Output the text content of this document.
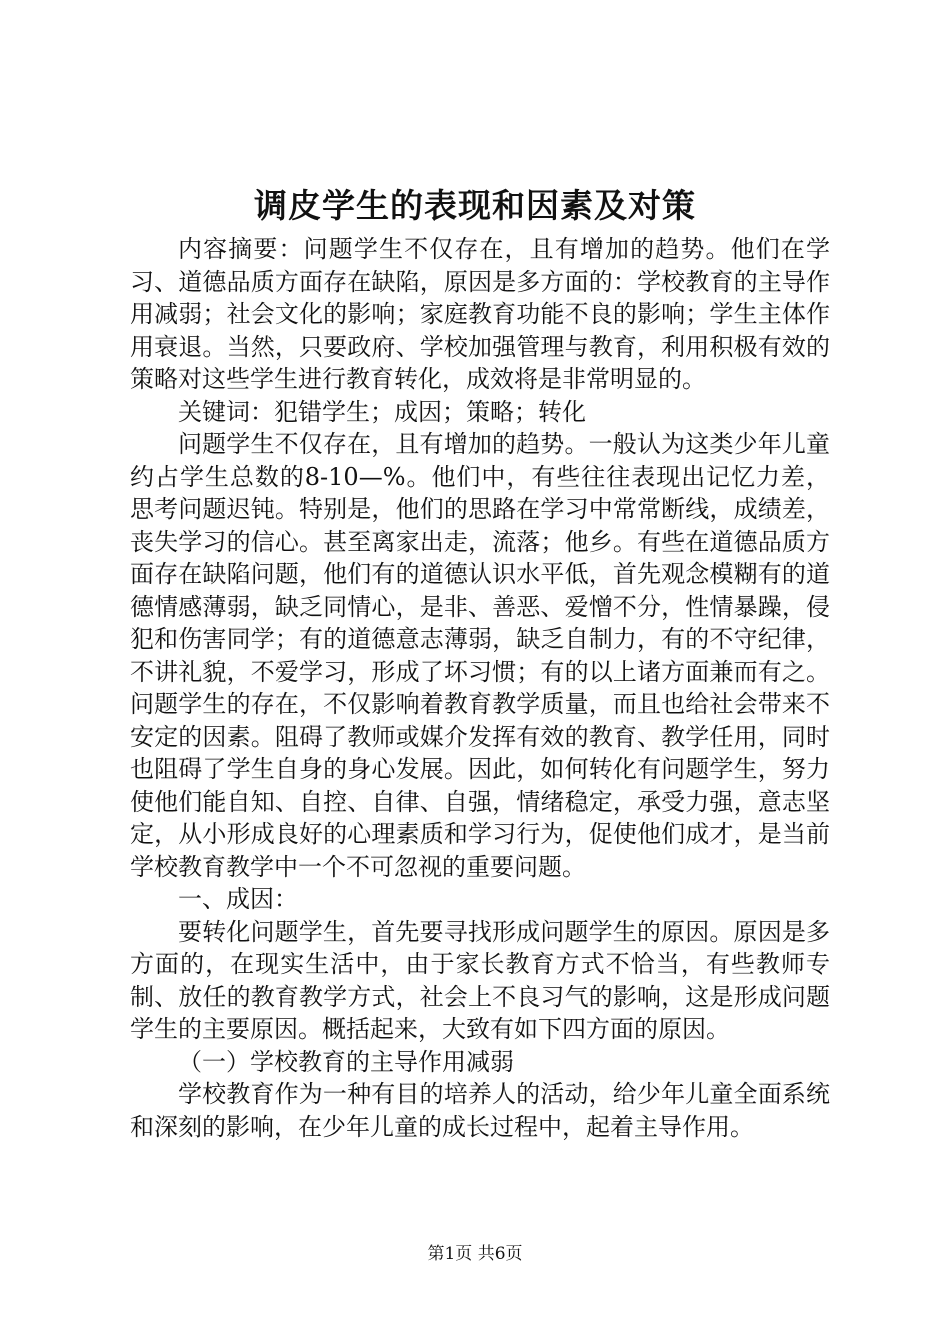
调皮学生的表现和因素及对策

内容摘要：问题学生不仅存在，且有增加的趋势。他们在学习、道德品质方面存在缺陷，原因是多方面的：学校教育的主导作用减弱；社会文化的影响；家庭教育功能不良的影响；学生主体作用衰退。当然，只要政府、学校加强管理与教育，利用积极有效的策略对这些学生进行教育转化，成效将是非常明显的。

关键词：犯错学生；成因；策略；转化

问题学生不仅存在，且有增加的趋势。一般认为这类少年儿童约占学生总数的8-10—%。他们中，有些往往表现出记忆力差，思考问题迟钝。特别是，他们的思路在学习中常常断线，成绩差，丧失学习的信心。甚至离家出走，流落；他乡。有些在道德品质方面存在缺陷问题，他们有的道德认识水平低，首先观念模糊有的道德情感薄弱，缺乏同情心，是非、善恶、爱憎不分，性情暴躁，侵犯和伤害同学；有的道德意志薄弱，缺乏自制力，有的不守纪律，不讲礼貌，不爱学习，形成了坏习惯；有的以上诸方面兼而有之。问题学生的存在，不仅影响着教育教学质量，而且也给社会带来不安定的因素。阻碍了教师或媒介发挥有效的教育、教学任用，同时也阻碍了学生自身的身心发展。因此，如何转化有问题学生，努力使他们能自知、自控、自律、自强，情绪稳定，承受力强，意志坚定，从小形成良好的心理素质和学习行为，促使他们成才，是当前学校教育教学中一个不可忽视的重要问题。

一、成因：

要转化问题学生，首先要寻找形成问题学生的原因。原因是多方面的，在现实生活中，由于家长教育方式不恰当，有些教师专制、放任的教育教学方式，社会上不良习气的影响，这是形成问题学生的主要原因。概括起来，大致有如下四方面的原因。

（一）学校教育的主导作用减弱

学校教育作为一种有目的培养人的活动，给少年儿童全面系统和深刻的影响，在少年儿童的成长过程中，起着主导作用。

第1页 共6页
